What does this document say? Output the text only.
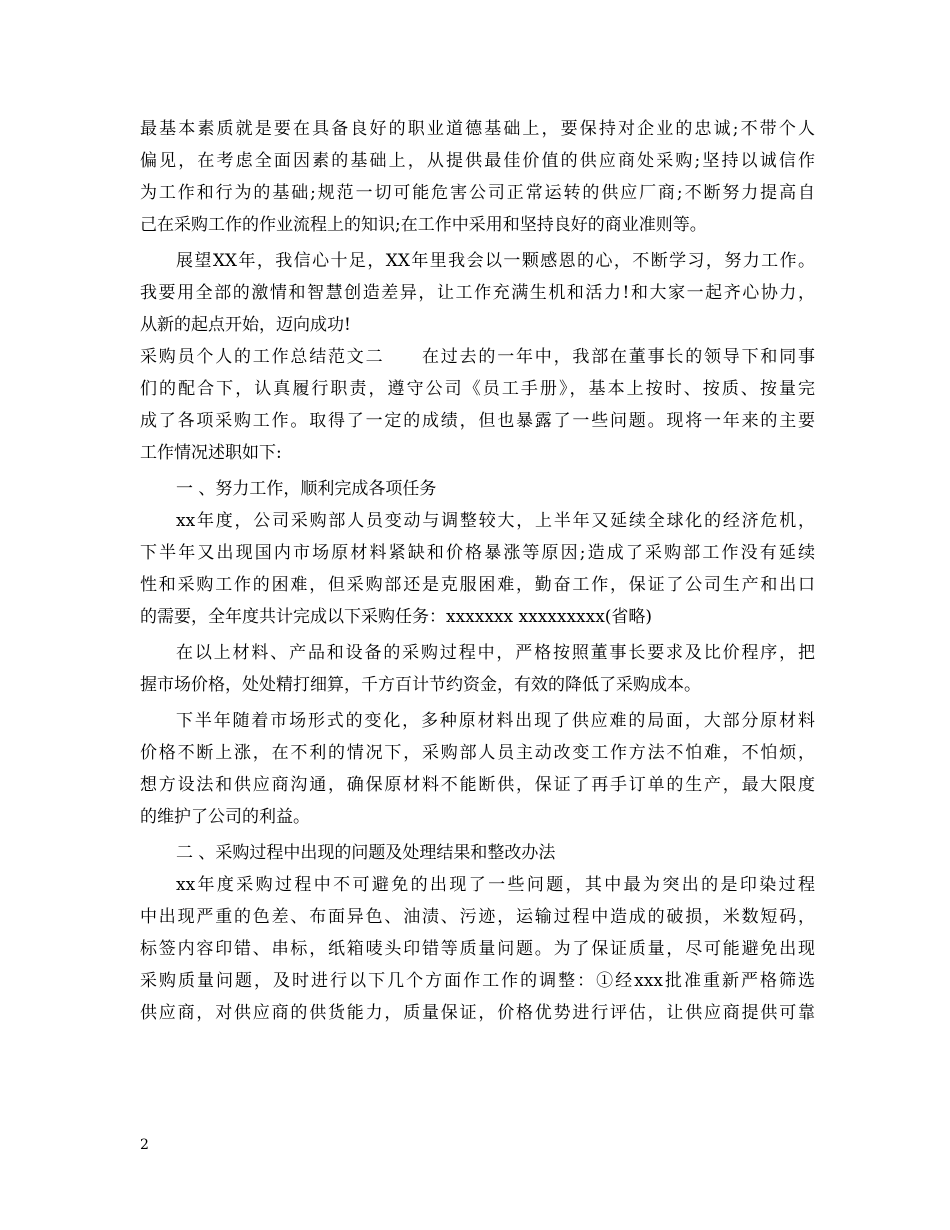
最基本素质就是要在具备良好的职业道德基础上，要保持对企业的忠诚;不带个人
偏见，在考虑全面因素的基础上，从提供最佳价值的供应商处采购;坚持以诚信作
为工作和行为的基础;规范一切可能危害公司正常运转的供应厂商;不断努力提高自
己在采购工作的作业流程上的知识;在工作中采用和坚持良好的商业准则等。
展望XX年，我信心十足，XX年里我会以一颗感恩的心，不断学习，努力工作。
我要用全部的激情和智慧创造差异，让工作充满生机和活力!和大家一起齐心协力，
从新的起点开始，迈向成功!
采购员个人的工作总结范文二　　在过去的一年中，我部在董事长的领导下和同事
们的配合下，认真履行职责，遵守公司《员工手册》，基本上按时、按质、按量完
成了各项采购工作。取得了一定的成绩，但也暴露了一些问题。现将一年来的主要
工作情况述职如下:
一 、努力工作，顺利完成各项任务
xx年度，公司采购部人员变动与调整较大，上半年又延续全球化的经济危机，
下半年又出现国内市场原材料紧缺和价格暴涨等原因;造成了采购部工作没有延续
性和采购工作的困难，但采购部还是克服困难，勤奋工作，保证了公司生产和出口
的需要，全年度共计完成以下采购任务：xxxxxxx xxxxxxxxx(省略)
在以上材料、产品和设备的采购过程中，严格按照董事长要求及比价程序，把
握市场价格，处处精打细算，千方百计节约资金，有效的降低了采购成本。
下半年随着市场形式的变化，多种原材料出现了供应难的局面，大部分原材料
价格不断上涨，在不利的情况下，采购部人员主动改变工作方法不怕难，不怕烦，
想方设法和供应商沟通，确保原材料不能断供，保证了再手订单的生产，最大限度
的维护了公司的利益。
二 、采购过程中出现的问题及处理结果和整改办法
xx年度采购过程中不可避免的出现了一些问题，其中最为突出的是印染过程
中出现严重的色差、布面异色、油渍、污迹，运输过程中造成的破损，米数短码，
标签内容印错、串标，纸箱唛头印错等质量问题。为了保证质量，尽可能避免出现
采购质量问题，及时进行以下几个方面作工作的调整：①经xxx批准重新严格筛选
供应商，对供应商的供货能力，质量保证，价格优势进行评估，让供应商提供可靠
2
